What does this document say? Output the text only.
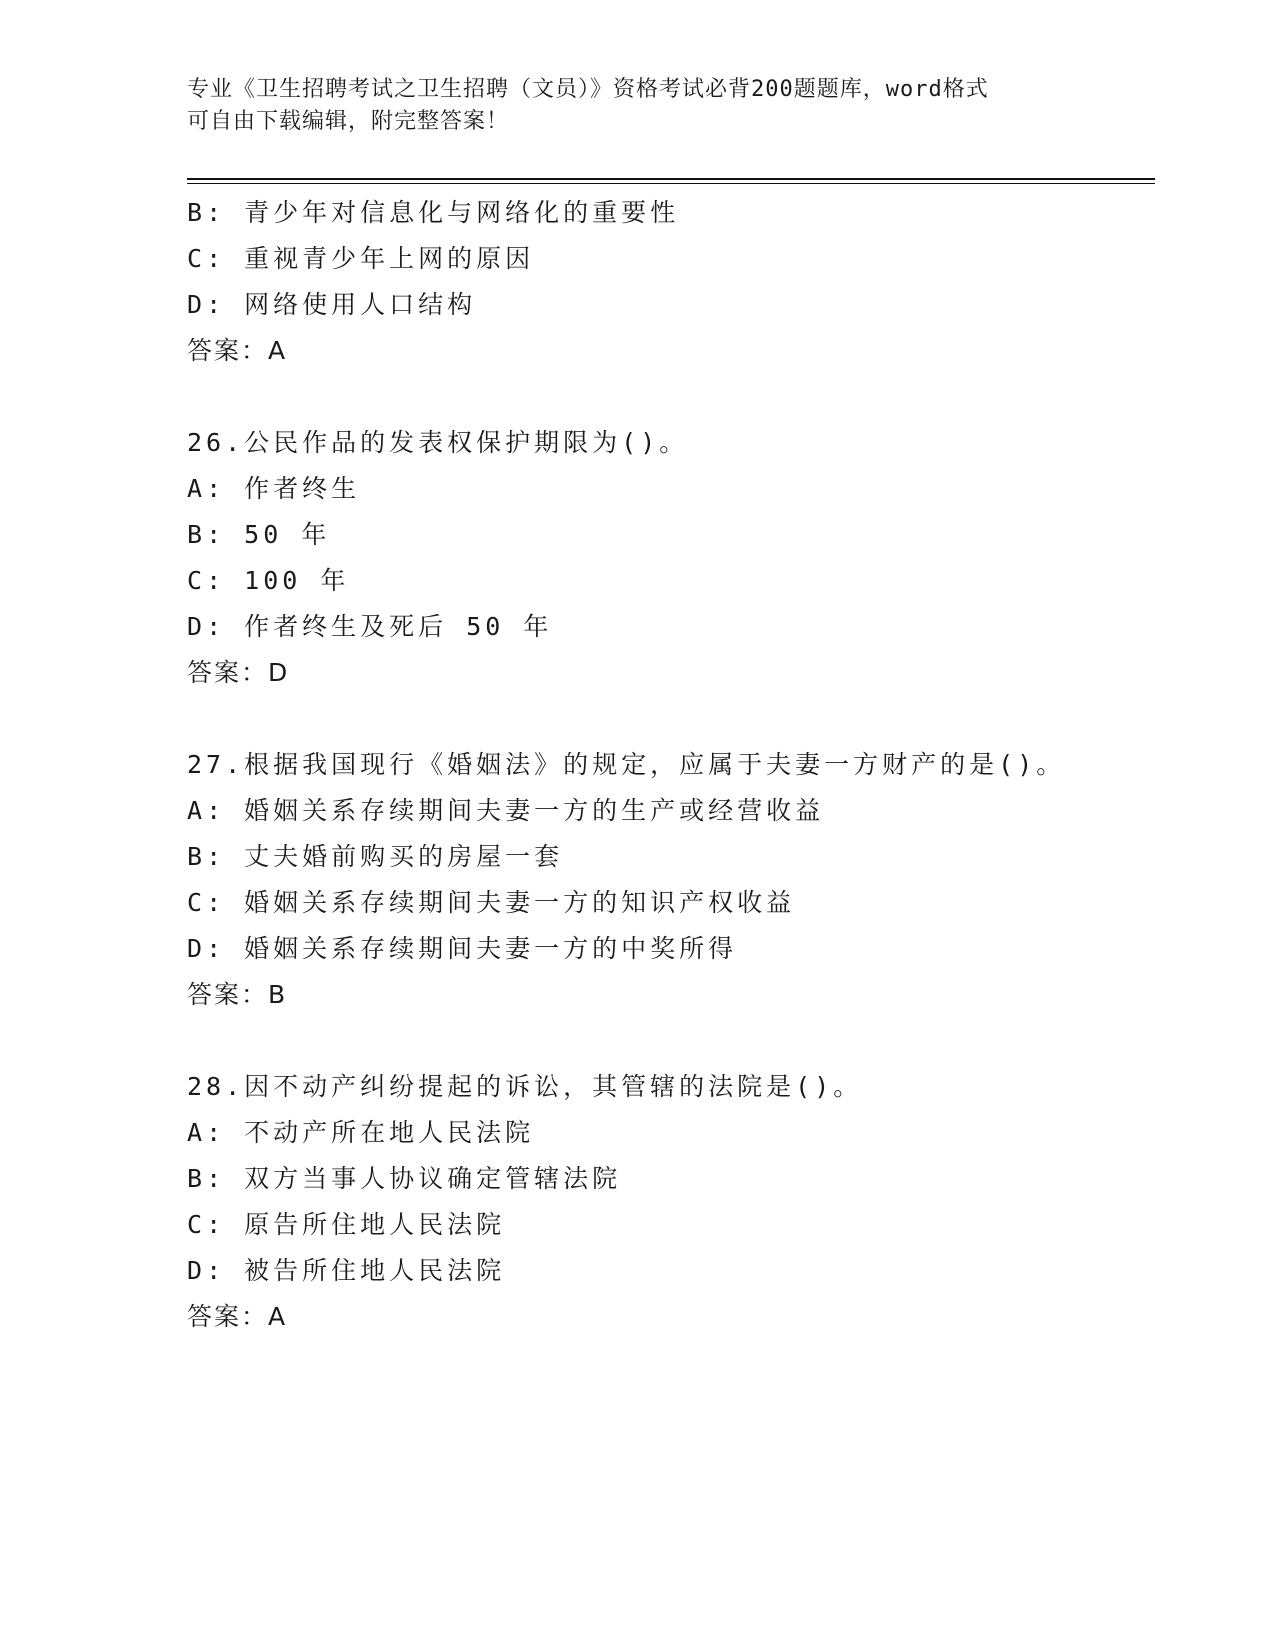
专业《卫生招聘考试之卫生招聘（文员）》资格考试必背200题题库，word格式
可自由下载编辑，附完整答案！
B: 青少年对信息化与网络化的重要性
C: 重视青少年上网的原因
D: 网络使用人口结构
答案：A
26.公民作品的发表权保护期限为()。
A: 作者终生
B: 50 年
C: 100 年
D: 作者终生及死后 50 年
答案：D
27.根据我国现行《婚姻法》的规定，应属于夫妻一方财产的是()。
A: 婚姻关系存续期间夫妻一方的生产或经营收益
B: 丈夫婚前购买的房屋一套
C: 婚姻关系存续期间夫妻一方的知识产权收益
D: 婚姻关系存续期间夫妻一方的中奖所得
答案：B
28.因不动产纠纷提起的诉讼，其管辖的法院是()。
A: 不动产所在地人民法院
B: 双方当事人协议确定管辖法院
C: 原告所住地人民法院
D: 被告所住地人民法院
答案：A
